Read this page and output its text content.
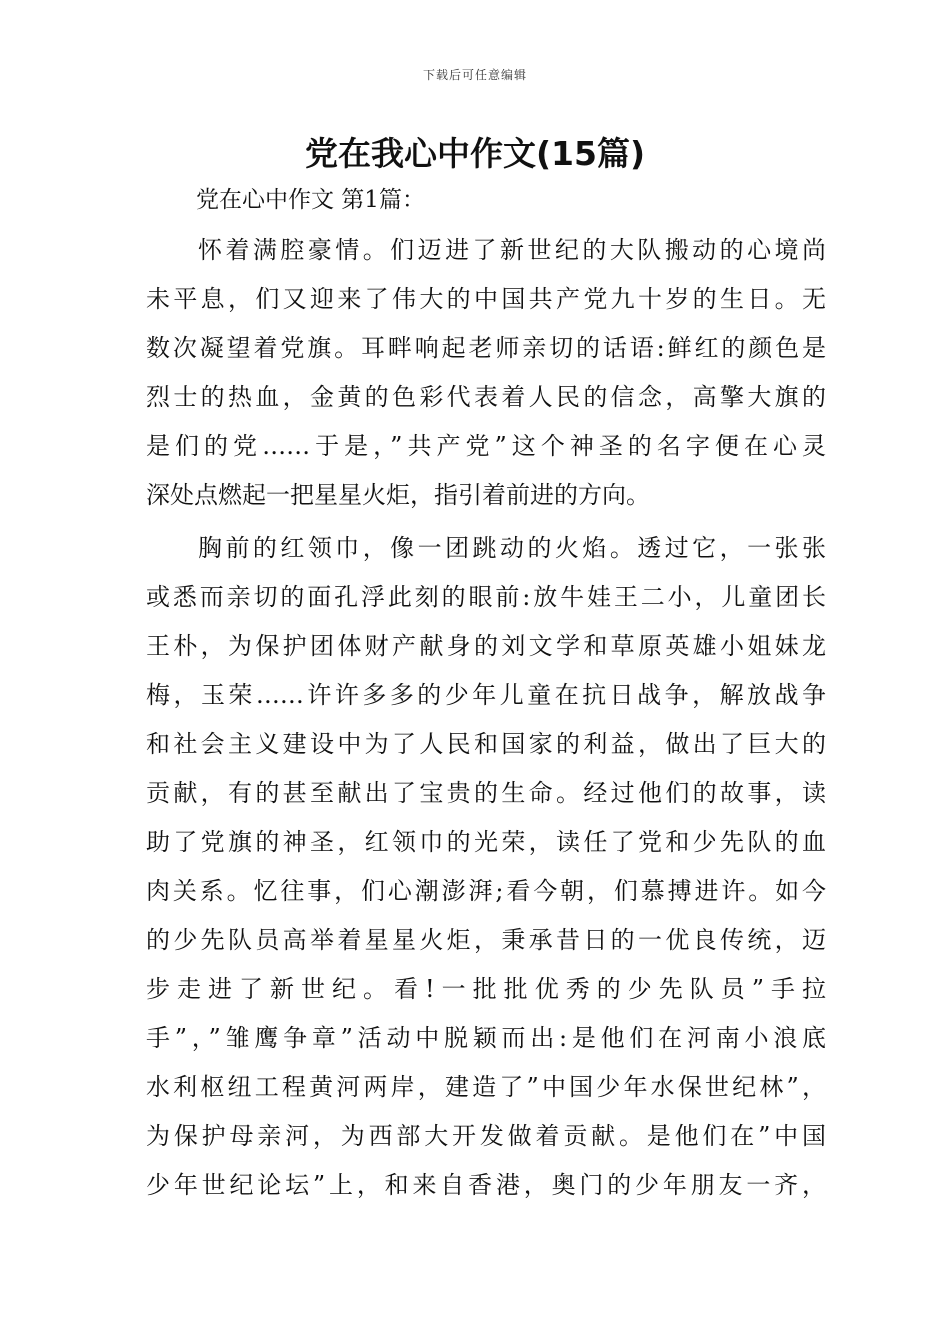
下载后可任意编辑
党在我心中作文(15篇)
党在心中作文 第1篇：
怀着满腔豪情。们迈进了新世纪的大队搬动的心境尚
未平息，们又迎来了伟大的中国共产党九十岁的生日。无
数次凝望着党旗。耳畔响起老师亲切的话语:鲜红的颜色是
烈士的热血，金黄的色彩代表着人民的信念，高擎大旗的
是们的党……于是，”共产党”这个神圣的名字便在心灵
深处点燃起一把星星火炬，指引着前进的方向。
胸前的红领巾，像一团跳动的火焰。透过它，一张张
或悉而亲切的面孔浮此刻的眼前:放牛娃王二小，儿童团长
王朴，为保护团体财产献身的刘文学和草原英雄小姐妹龙
梅，玉荣……许许多多的少年儿童在抗日战争，解放战争
和社会主义建设中为了人民和国家的利益，做出了巨大的
贡献，有的甚至献出了宝贵的生命。经过他们的故事，读
助了党旗的神圣，红领巾的光荣，读任了党和少先队的血
肉关系。忆往事，们心潮澎湃;看今朝，们慕搏进许。如今
的少先队员高举着星星火炬，秉承昔日的一优良传统，迈
步走进了新世纪。看!一批批优秀的少先队员”手拉
手”，”雏鹰争章”活动中脱颖而出:是他们在河南小浪底
水利枢纽工程黄河两岸，建造了”中国少年水保世纪林”，
为保护母亲河，为西部大开发做着贡献。是他们在”中国
少年世纪论坛”上，和来自香港，奥门的少年朋友一齐，
